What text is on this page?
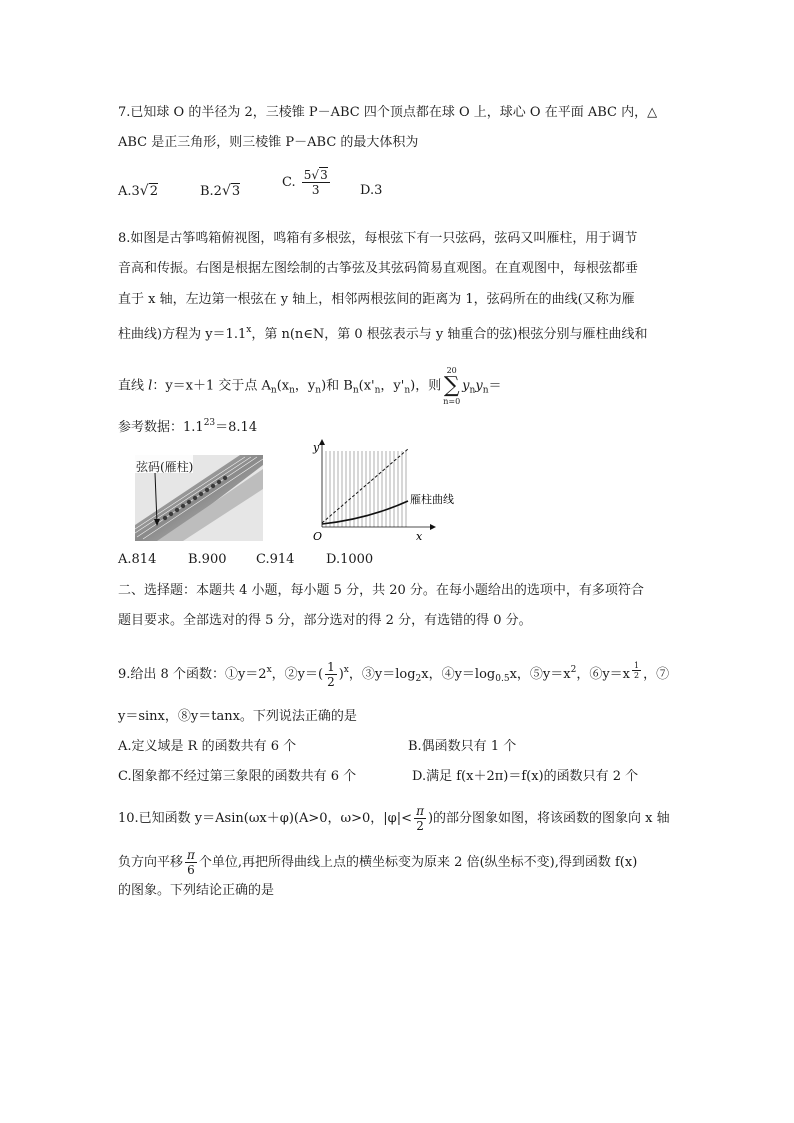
7.已知球 O 的半径为 2，三棱锥 P－ABC 四个顶点都在球 O 上，球心 O 在平面 ABC 内，△
ABC 是正三角形，则三棱锥 P－ABC 的最大体积为
A.3√2	B.2√3
C. $\frac{5√3}{3} D.3$
8.如图是古筝鸣箱俯视图，鸣箱有多根弦，每根弦下有一只弦码，弦码又叫雁柱，用于调节
音高和传振。右图是根据左图绘制的古筝弦及其弦码简易直观图。在直观图中，每根弦都垂
直于 x 轴，左边第一根弦在 y 轴上，相邻两根弦间的距离为 1，弦码所在的曲线(又称为雁
柱曲线)方程为 $y=1.1^x$，第 n(n∈N，第 0 根弦表示与 y 轴重合的弦)根弦分别与雁柱曲线和
直线 l：y＝x＋1 交于点 $A_n(x_n$，$y_n$)和 $B_n(x'_n$，$y'_n$)，则
20
∑
n=0
$y_ny_n=$
参考数据：$1.1^{23}=8.14$
弦码(雁柱)
y
x
O
雁柱曲线
A.814 B.900 C.914 D.1000
二、选择题：本题共 4 小题，每小题 5 分，共 20 分。在每小题给出的选项中，有多项符合
题目要求。全部选对的得 5 分，部分选对的得 2 分，有选错的得 0 分。
9.给出 8 个函数：$①y=2^x$，②y＝( $\frac{1}{2} )^x$，$③y=\log_2x$，$④y=\log_{0.5}x$，$⑤y=x^2$，⑥y＝x $\frac{1}{2}$ ，⑦
y＝sinx，⑧y＝tanx。下列说法正确的是
A.定义域是 R 的函数共有 6 个	B.偶函数只有 1 个
C.图象都不经过第三象限的函数共有 6 个	D.满足 f(x＋2π)＝f(x)的函数只有 2 个
10.已知函数 y＝Asin(ωx＋φ)(A>0，ω>0，$|\varphi|< \frac{\pi}{2}$ )的部分图象如图，将该函数的图象向 x 轴
负方向平移 $\frac{\pi}{6}$ 个单位,再把所得曲线上点的横坐标变为原来 2 倍(纵坐标不变),得到函数 f(x)
的图象。下列结论正确的是
